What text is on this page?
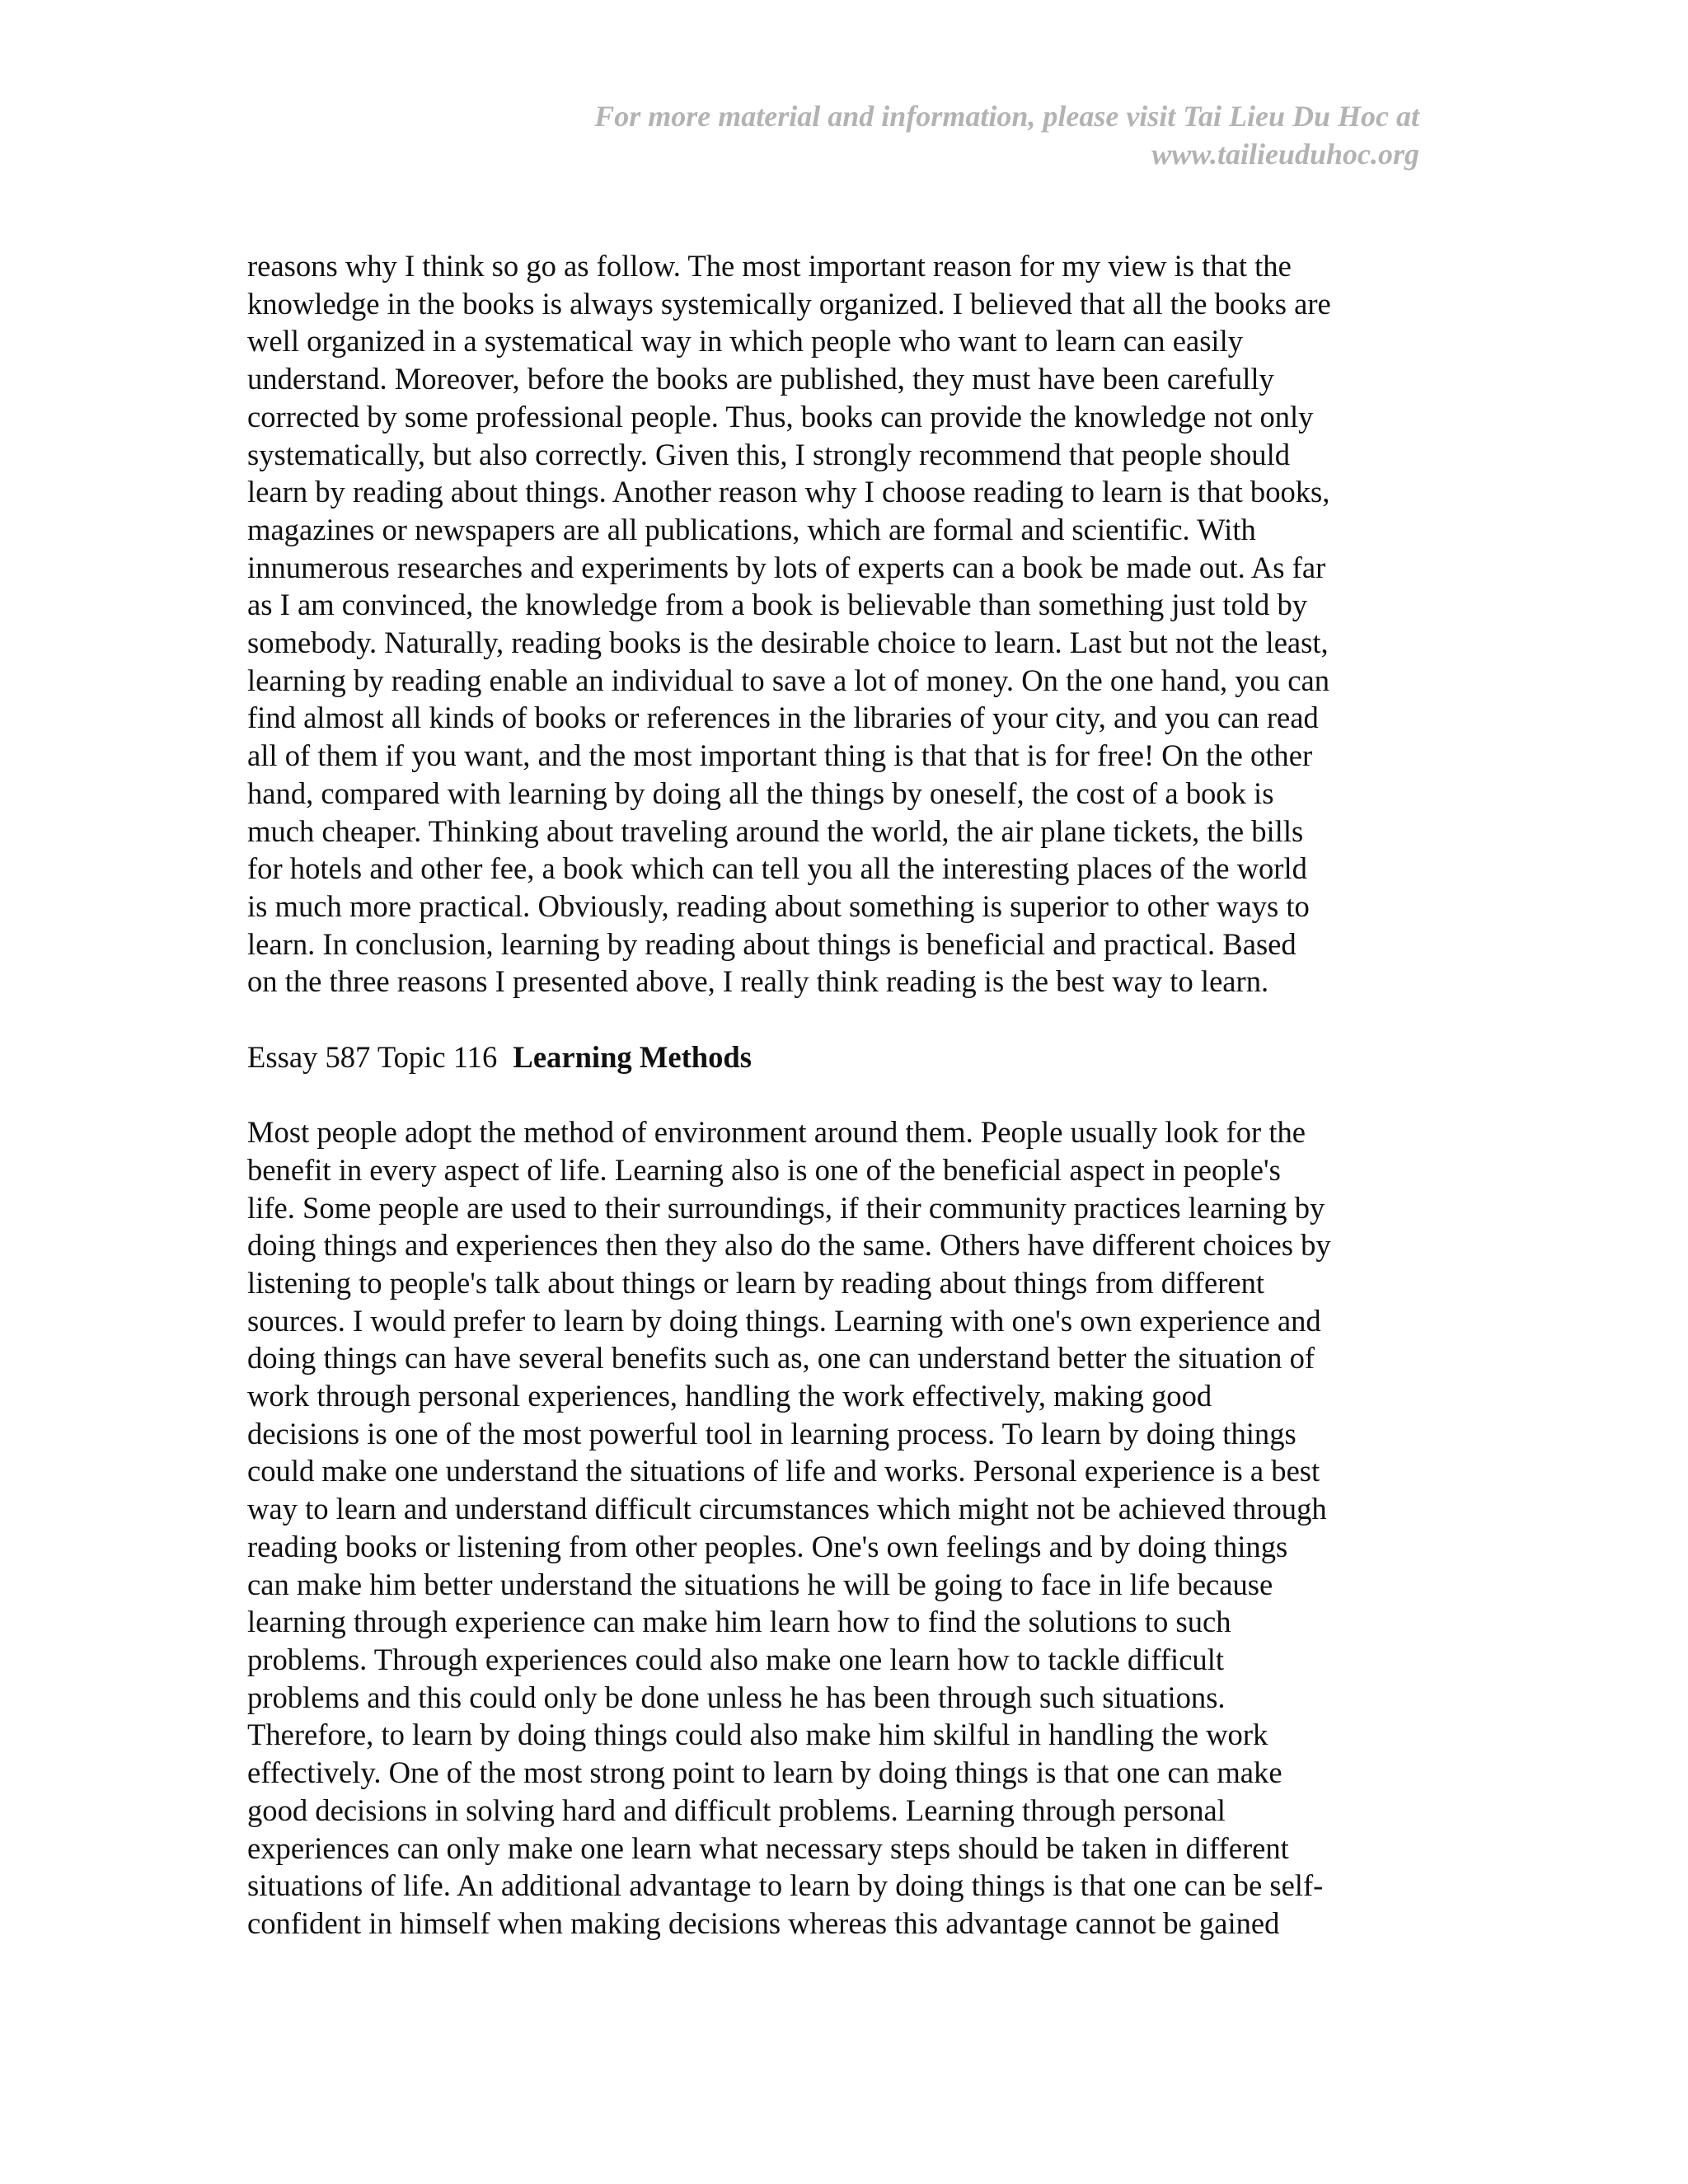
For more material and information, please visit Tai Lieu Du Hoc at
www.tailieuduhoc.org

reasons why I think so go as follow. The most important reason for my view is that the
knowledge in the books is always systemically organized. I believed that all the books are
well organized in a systematical way in which people who want to learn can easily
understand. Moreover, before the books are published, they must have been carefully
corrected by some professional people. Thus, books can provide the knowledge not only
systematically, but also correctly. Given this, I strongly recommend that people should
learn by reading about things. Another reason why I choose reading to learn is that books,
magazines or newspapers are all publications, which are formal and scientific. With
innumerous researches and experiments by lots of experts can a book be made out. As far
as I am convinced, the knowledge from a book is believable than something just told by
somebody. Naturally, reading books is the desirable choice to learn. Last but not the least,
learning by reading enable an individual to save a lot of money. On the one hand, you can
find almost all kinds of books or references in the libraries of your city, and you can read
all of them if you want, and the most important thing is that that is for free! On the other
hand, compared with learning by doing all the things by oneself, the cost of a book is
much cheaper. Thinking about traveling around the world, the air plane tickets, the bills
for hotels and other fee, a book which can tell you all the interesting places of the world
is much more practical. Obviously, reading about something is superior to other ways to
learn. In conclusion, learning by reading about things is beneficial and practical. Based
on the three reasons I presented above, I really think reading is the best way to learn.

Essay 587 Topic 116 Learning Methods

Most people adopt the method of environment around them. People usually look for the
benefit in every aspect of life. Learning also is one of the beneficial aspect in people's
life. Some people are used to their surroundings, if their community practices learning by
doing things and experiences then they also do the same. Others have different choices by
listening to people's talk about things or learn by reading about things from different
sources. I would prefer to learn by doing things. Learning with one's own experience and
doing things can have several benefits such as, one can understand better the situation of
work through personal experiences, handling the work effectively, making good
decisions is one of the most powerful tool in learning process. To learn by doing things
could make one understand the situations of life and works. Personal experience is a best
way to learn and understand difficult circumstances which might not be achieved through
reading books or listening from other peoples. One's own feelings and by doing things
can make him better understand the situations he will be going to face in life because
learning through experience can make him learn how to find the solutions to such
problems. Through experiences could also make one learn how to tackle difficult
problems and this could only be done unless he has been through such situations.
Therefore, to learn by doing things could also make him skilful in handling the work
effectively. One of the most strong point to learn by doing things is that one can make
good decisions in solving hard and difficult problems. Learning through personal
experiences can only make one learn what necessary steps should be taken in different
situations of life. An additional advantage to learn by doing things is that one can be self-
confident in himself when making decisions whereas this advantage cannot be gained
